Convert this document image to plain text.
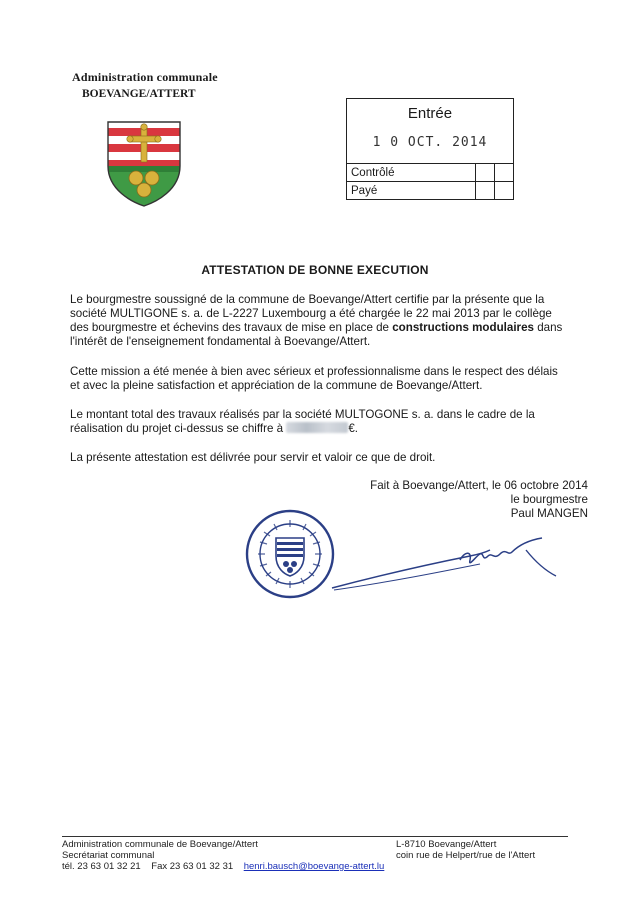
Administration communale
BOEVANGE/ATTERT
Entrée
1 0 OCT. 2014
Contrôlé		
Payé		
ATTESTATION DE BONNE EXECUTION
Le bourgmestre soussigné de la commune de Boevange/Attert certifie par la présente que la société MULTIGONE s. a. de L-2227 Luxembourg a été chargée le 22 mai 2013 par le collège des bourgmestre et échevins des travaux de mise en place de constructions modulaires dans l'intérêt de l'enseignement fondamental à Boevange/Attert.
Cette mission a été menée à bien avec sérieux et professionnalisme dans le respect des délais et avec la pleine satisfaction et appréciation de la commune de Boevange/Attert.
Le montant total des travaux réalisés par la société MULTOGONE s. a. dans le cadre de la réalisation du projet ci-dessus se chiffre à	€.
La présente attestation est délivrée pour servir et valoir ce que de droit.
Fait à Boevange/Attert, le 06 octobre 2014
le bourgmestre
Paul MANGEN
Administration communale de Boevange/Attert
Secrétariat communal
tél. 23 63 01 32 21    Fax 23 63 01 32 31 henri.bausch@boevange-attert.lu
L-8710 Boevange/Attert
coin rue de Helpert/rue de l'Attert
